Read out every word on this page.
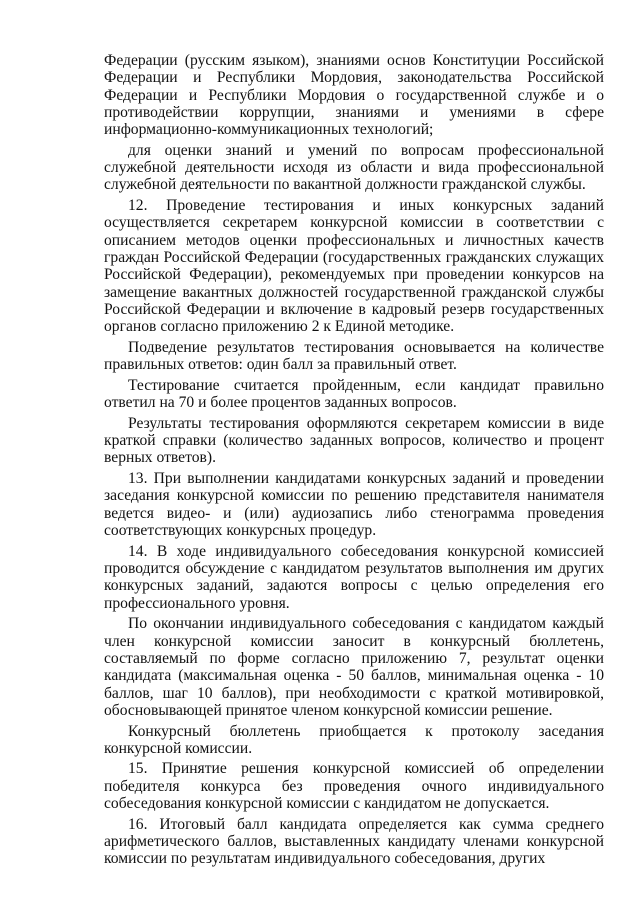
Федерации (русским языком), знаниями основ Конституции Российской Федерации и Республики Мордовия, законодательства Российской Федерации и Республики Мордовия о государственной службе и о противодействии коррупции, знаниями и умениями в сфере информационно-коммуникационных технологий;

для оценки знаний и умений по вопросам профессиональной служебной деятельности исходя из области и вида профессиональной служебной деятельности по вакантной должности гражданской службы.

12. Проведение тестирования и иных конкурсных заданий осуществляется секретарем конкурсной комиссии в соответствии с описанием методов оценки профессиональных и личностных качеств граждан Российской Федерации (государственных гражданских служащих Российской Федерации), рекомендуемых при проведении конкурсов на замещение вакантных должностей государственной гражданской службы Российской Федерации и включение в кадровый резерв государственных органов согласно приложению 2 к Единой методике.

Подведение результатов тестирования основывается на количестве правильных ответов: один балл за правильный ответ.

Тестирование считается пройденным, если кандидат правильно ответил на 70 и более процентов заданных вопросов.

Результаты тестирования оформляются секретарем комиссии в виде краткой справки (количество заданных вопросов, количество и процент верных ответов).

13. При выполнении кандидатами конкурсных заданий и проведении заседания конкурсной комиссии по решению представителя нанимателя ведется видео- и (или) аудиозапись либо стенограмма проведения соответствующих конкурсных процедур.

14. В ходе индивидуального собеседования конкурсной комиссией проводится обсуждение с кандидатом результатов выполнения им других конкурсных заданий, задаются вопросы с целью определения его профессионального уровня.

По окончании индивидуального собеседования с кандидатом каждый член конкурсной комиссии заносит в конкурсный бюллетень, составляемый по форме согласно приложению 7, результат оценки кандидата (максимальная оценка - 50 баллов, минимальная оценка - 10 баллов, шаг 10 баллов), при необходимости с краткой мотивировкой, обосновывающей принятое членом конкурсной комиссии решение.

Конкурсный бюллетень приобщается к протоколу заседания конкурсной комиссии.

15. Принятие решения конкурсной комиссией об определении победителя конкурса без проведения очного индивидуального собеседования конкурсной комиссии с кандидатом не допускается.

16. Итоговый балл кандидата определяется как сумма среднего арифметического баллов, выставленных кандидату членами конкурсной комиссии по результатам индивидуального собеседования, других
